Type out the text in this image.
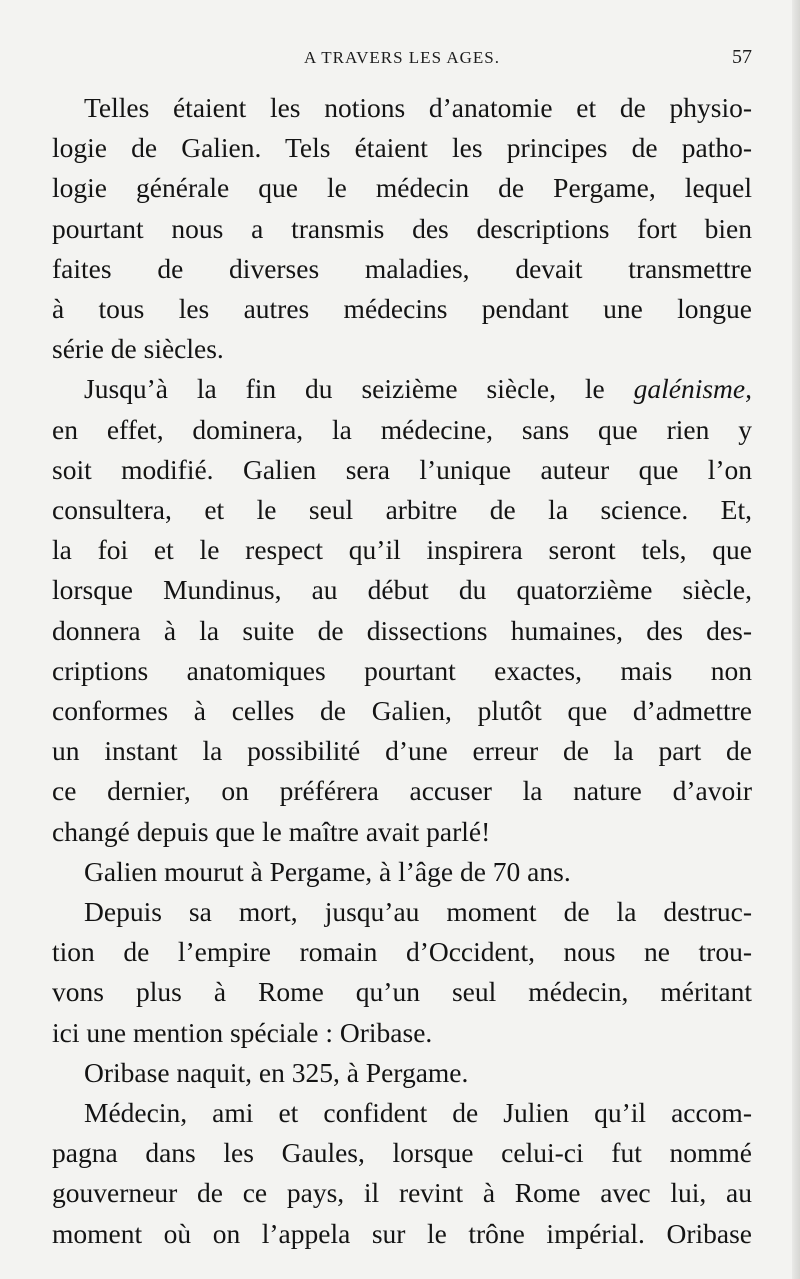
A TRAVERS LES AGES.	57
Telles étaient les notions d’anatomie et de physio-
logie de Galien. Tels étaient les principes de patho-
logie générale que le médecin de Pergame, lequel
pourtant nous a transmis des descriptions fort bien
faites de diverses maladies, devait transmettre
à tous les autres médecins pendant une longue
série de siècles.
Jusqu’à la fin du seizième siècle, le galénisme,
en effet, dominera, la médecine, sans que rien y
soit modifié. Galien sera l’unique auteur que l’on
consultera, et le seul arbitre de la science. Et,
la foi et le respect qu’il inspirera seront tels, que
lorsque Mundinus, au début du quatorzième siècle,
donnera à la suite de dissections humaines, des des-
criptions anatomiques pourtant exactes, mais non
conformes à celles de Galien, plutôt que d’admettre
un instant la possibilité d’une erreur de la part de
ce dernier, on préférera accuser la nature d’avoir
changé depuis que le maître avait parlé!
Galien mourut à Pergame, à l’âge de 70 ans.
Depuis sa mort, jusqu’au moment de la destruc-
tion de l’empire romain d’Occident, nous ne trou-
vons plus à Rome qu’un seul médecin, méritant
ici une mention spéciale : Oribase.
Oribase naquit, en 325, à Pergame.
Médecin, ami et confident de Julien qu’il accom-
pagna dans les Gaules, lorsque celui-ci fut nommé
gouverneur de ce pays, il revint à Rome avec lui, au
moment où on l’appela sur le trône impérial. Oribase
